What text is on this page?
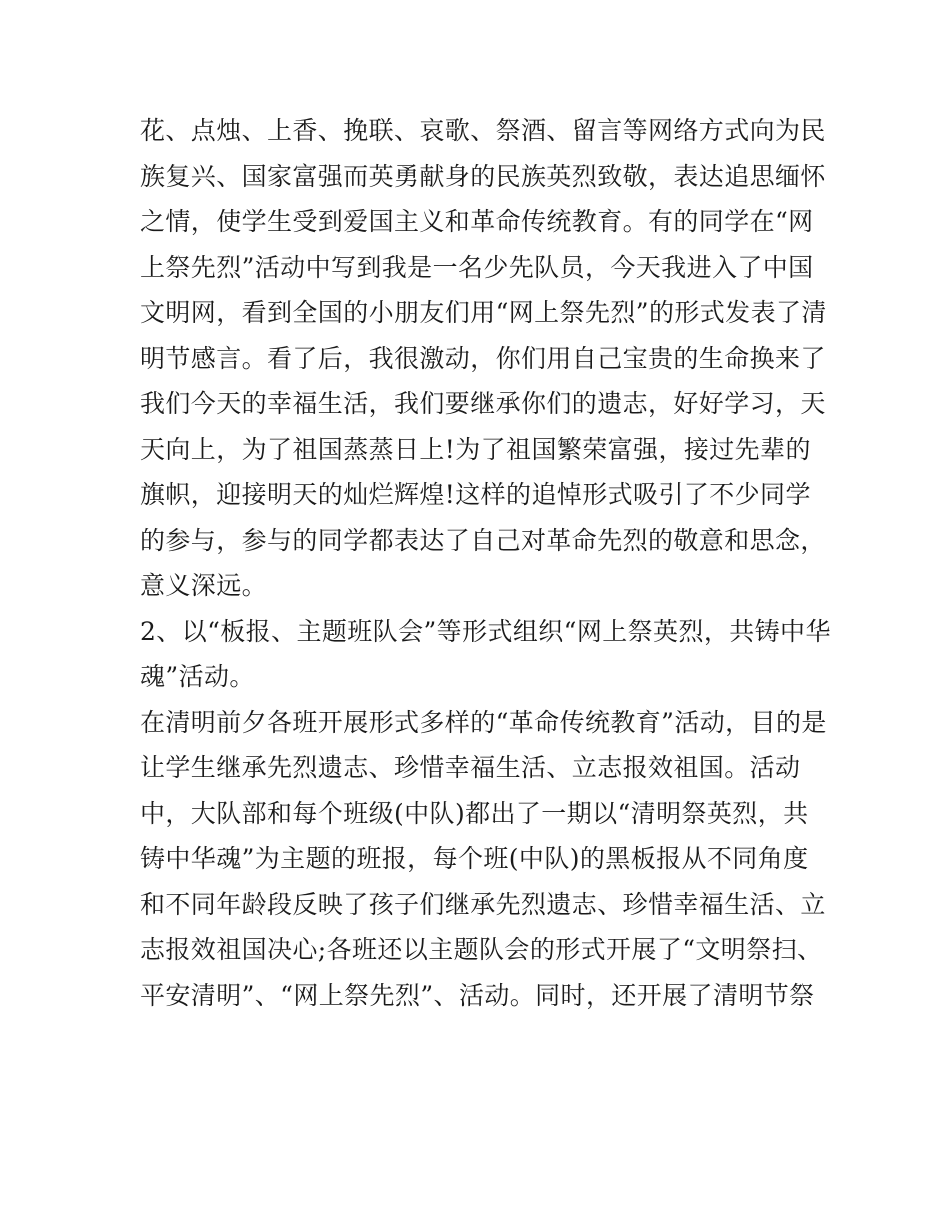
花、点烛、上香、挽联、哀歌、祭酒、留言等网络方式向为民
族复兴、国家富强而英勇献身的民族英烈致敬，表达追思缅怀
之情，使学生受到爱国主义和革命传统教育。有的同学在“网
上祭先烈”活动中写到我是一名少先队员，今天我进入了中国
文明网，看到全国的小朋友们用“网上祭先烈”的形式发表了清
明节感言。看了后，我很激动，你们用自己宝贵的生命换来了
我们今天的幸福生活，我们要继承你们的遗志，好好学习，天
天向上，为了祖国蒸蒸日上!为了祖国繁荣富强，接过先辈的
旗帜，迎接明天的灿烂辉煌!这样的追悼形式吸引了不少同学
的参与，参与的同学都表达了自己对革命先烈的敬意和思念，
意义深远。
2、以“板报、主题班队会”等形式组织“网上祭英烈，共铸中华
魂”活动。
在清明前夕各班开展形式多样的“革命传统教育”活动，目的是
让学生继承先烈遗志、珍惜幸福生活、立志报效祖国。活动
中，大队部和每个班级(中队)都出了一期以“清明祭英烈，共
铸中华魂”为主题的班报，每个班(中队)的黑板报从不同角度
和不同年龄段反映了孩子们继承先烈遗志、珍惜幸福生活、立
志报效祖国决心;各班还以主题队会的形式开展了“文明祭扫、
平安清明”、“网上祭先烈”、活动。同时，还开展了清明节祭
